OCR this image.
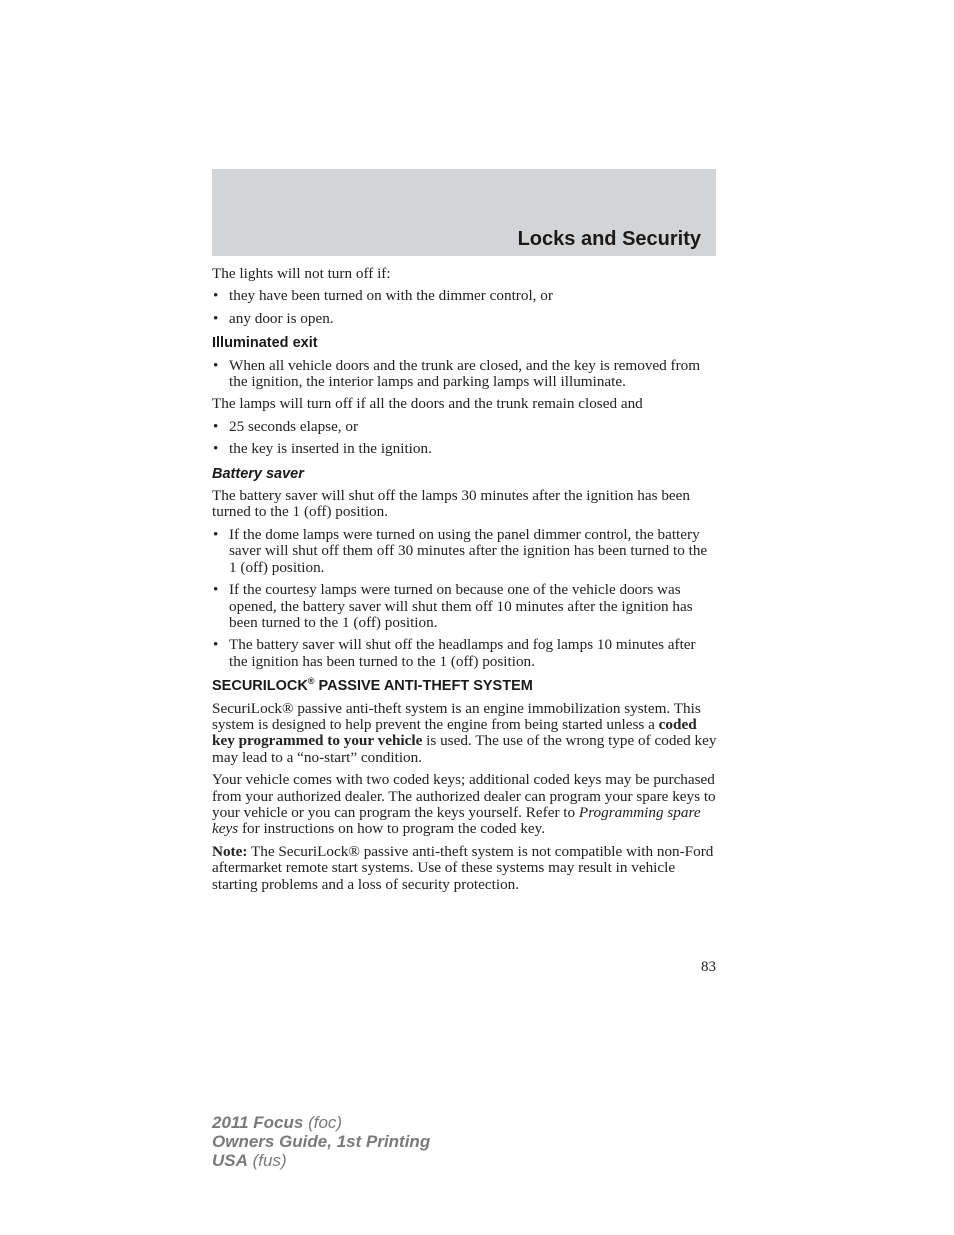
Locks and Security

The lights will not turn off if:

• they have been turned on with the dimmer control, or
• any door is open.
Illuminated exit
• When all vehicle doors and the trunk are closed, and the key is removed from the ignition, the interior lamps and parking lamps will illuminate.

The lamps will turn off if all the doors and the trunk remain closed and

• 25 seconds elapse, or
• the key is inserted in the ignition.
Battery saver

The battery saver will shut off the lamps 30 minutes after the ignition has been turned to the 1 (off) position.

• If the dome lamps were turned on using the panel dimmer control, the battery saver will shut off them off 30 minutes after the ignition has been turned to the 1 (off) position.
• If the courtesy lamps were turned on because one of the vehicle doors was opened, the battery saver will shut them off 10 minutes after the ignition has been turned to the 1 (off) position.
• The battery saver will shut off the headlamps and fog lamps 10 minutes after the ignition has been turned to the 1 (off) position.
SECURILOCK® PASSIVE ANTI-THEFT SYSTEM

SecuriLock® passive anti-theft system is an engine immobilization system. This system is designed to help prevent the engine from being started unless a coded key programmed to your vehicle is used. The use of the wrong type of coded key may lead to a “no-start” condition.

Your vehicle comes with two coded keys; additional coded keys may be purchased from your authorized dealer. The authorized dealer can program your spare keys to your vehicle or you can program the keys yourself. Refer to Programming spare keys for instructions on how to program the coded key.

Note: The SecuriLock® passive anti-theft system is not compatible with non-Ford aftermarket remote start systems. Use of these systems may result in vehicle starting problems and a loss of security protection.

83
2011 Focus (foc)
Owners Guide, 1st Printing
USA (fus)
